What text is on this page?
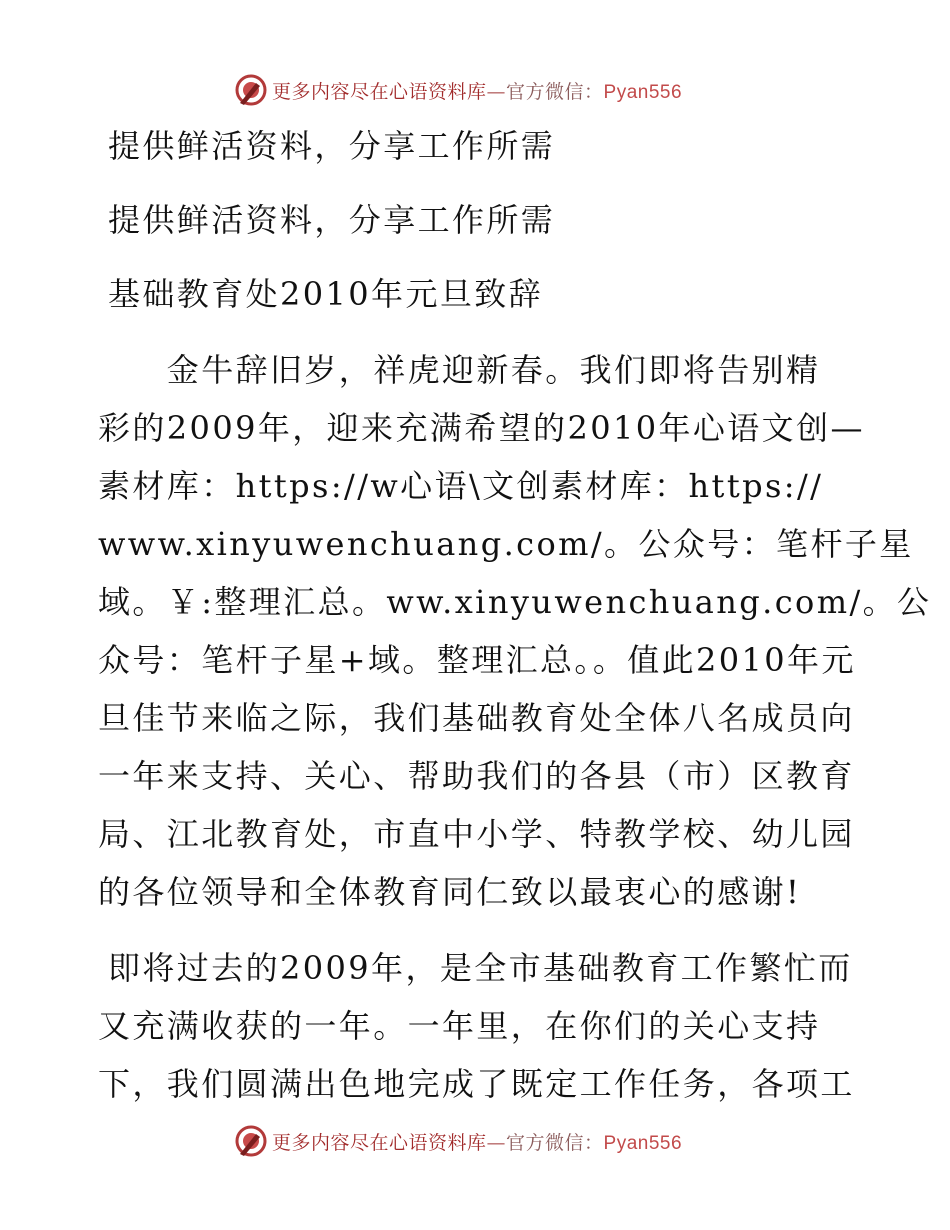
更多内容尽在心语资料库—官方微信：Pyan556
提供鲜活资料，分享工作所需
提供鲜活资料，分享工作所需
基础教育处2010年元旦致辞
　　金牛辞旧岁，祥虎迎新春。我们即将告别精
彩的2009年，迎来充满希望的2010年心语文创—
素材库：https://w心语\文创素材库：https://
www.xinyuwenchuang.com/。公众号：笔杆子星
域。￥:整理汇总。ww.xinyuwenchuang.com/。公
众号：笔杆子星+域。整理汇总。。值此2010年元
旦佳节来临之际，我们基础教育处全体八名成员向
一年来支持、关心、帮助我们的各县（市）区教育
局、江北教育处，市直中小学、特教学校、幼儿园
的各位领导和全体教育同仁致以最衷心的感谢!
即将过去的2009年，是全市基础教育工作繁忙而
又充满收获的一年。一年里，在你们的关心支持
下，我们圆满出色地完成了既定工作任务，各项工
更多内容尽在心语资料库—官方微信：Pyan556
